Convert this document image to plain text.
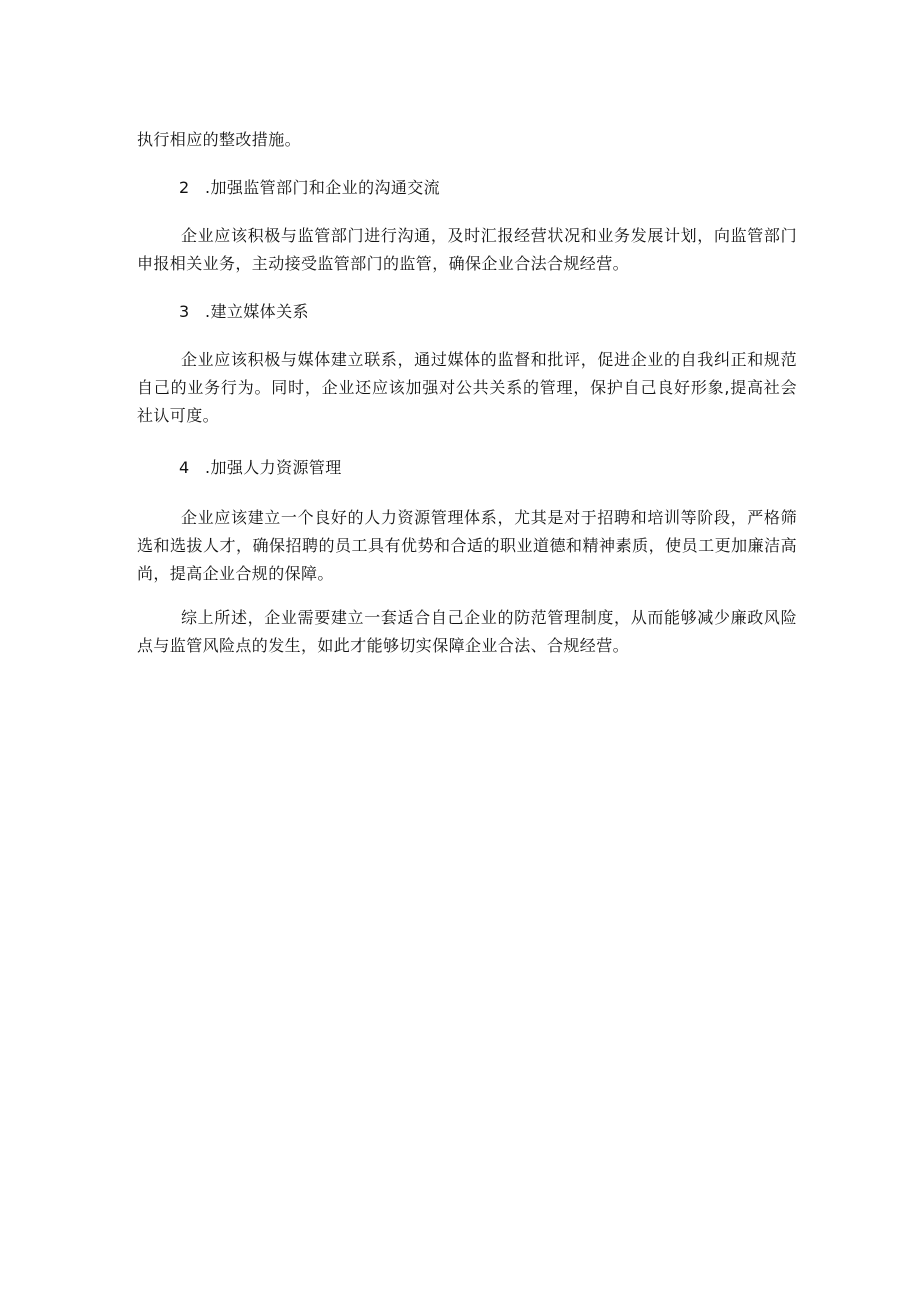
执行相应的整改措施。
2 .加强监管部门和企业的沟通交流
企业应该积极与监管部门进行沟通，及时汇报经营状况和业务发展计划，向监管部门申报相关业务，主动接受监管部门的监管，确保企业合法合规经营。
3 .建立媒体关系
企业应该积极与媒体建立联系，通过媒体的监督和批评，促进企业的自我纠正和规范自己的业务行为。同时，企业还应该加强对公共关系的管理，保护自己良好形象,提高社会社认可度。
4 .加强人力资源管理
企业应该建立一个良好的人力资源管理体系，尤其是对于招聘和培训等阶段，严格筛选和选拔人才，确保招聘的员工具有优势和合适的职业道德和精神素质，使员工更加廉洁高尚，提高企业合规的保障。
综上所述，企业需要建立一套适合自己企业的防范管理制度，从而能够减少廉政风险点与监管风险点的发生，如此才能够切实保障企业合法、合规经营。
